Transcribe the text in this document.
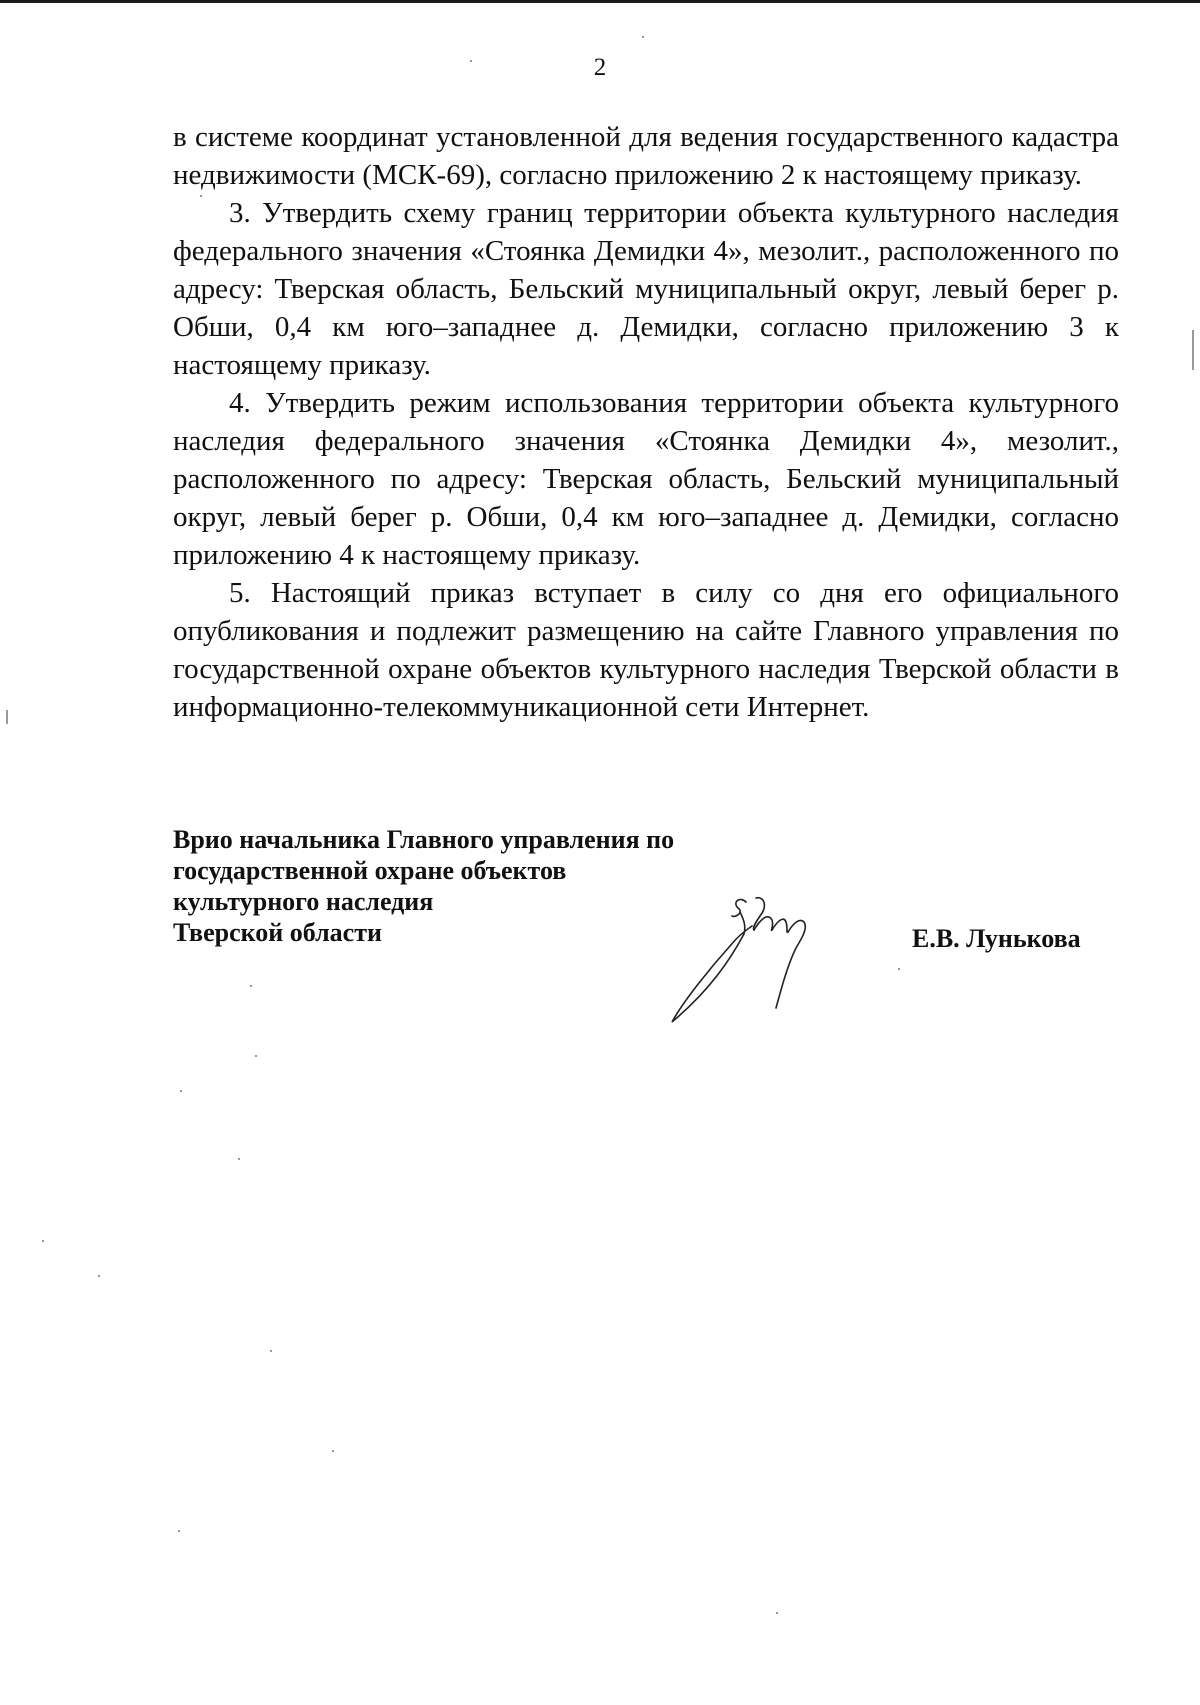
2

в системе координат установленной для ведения государственного кадастра недвижимости (МСК-69), согласно приложению 2 к настоящему приказу.

3. Утвердить схему границ территории объекта культурного наследия федерального значения «Стоянка Демидки 4», мезолит., расположенного по адресу: Тверская область, Бельский муниципальный округ, левый берег р. Обши, 0,4 км юго–западнее д. Демидки, согласно приложению 3 к настоящему приказу.

4. Утвердить режим использования территории объекта культурного наследия федерального значения «Стоянка Демидки 4», мезолит., расположенного по адресу: Тверская область, Бельский муниципальный округ, левый берег р. Обши, 0,4 км юго–западнее д. Демидки, согласно приложению 4 к настоящему приказу.

5. Настоящий приказ вступает в силу со дня его официального опубликования и подлежит размещению на сайте Главного управления по государственной охране объектов культурного наследия Тверской области в информационно-телекоммуникационной сети Интернет.

Врио начальника Главного управления по
государственной охране объектов
культурного наследия
Тверской области	Е.В. Лунькова
